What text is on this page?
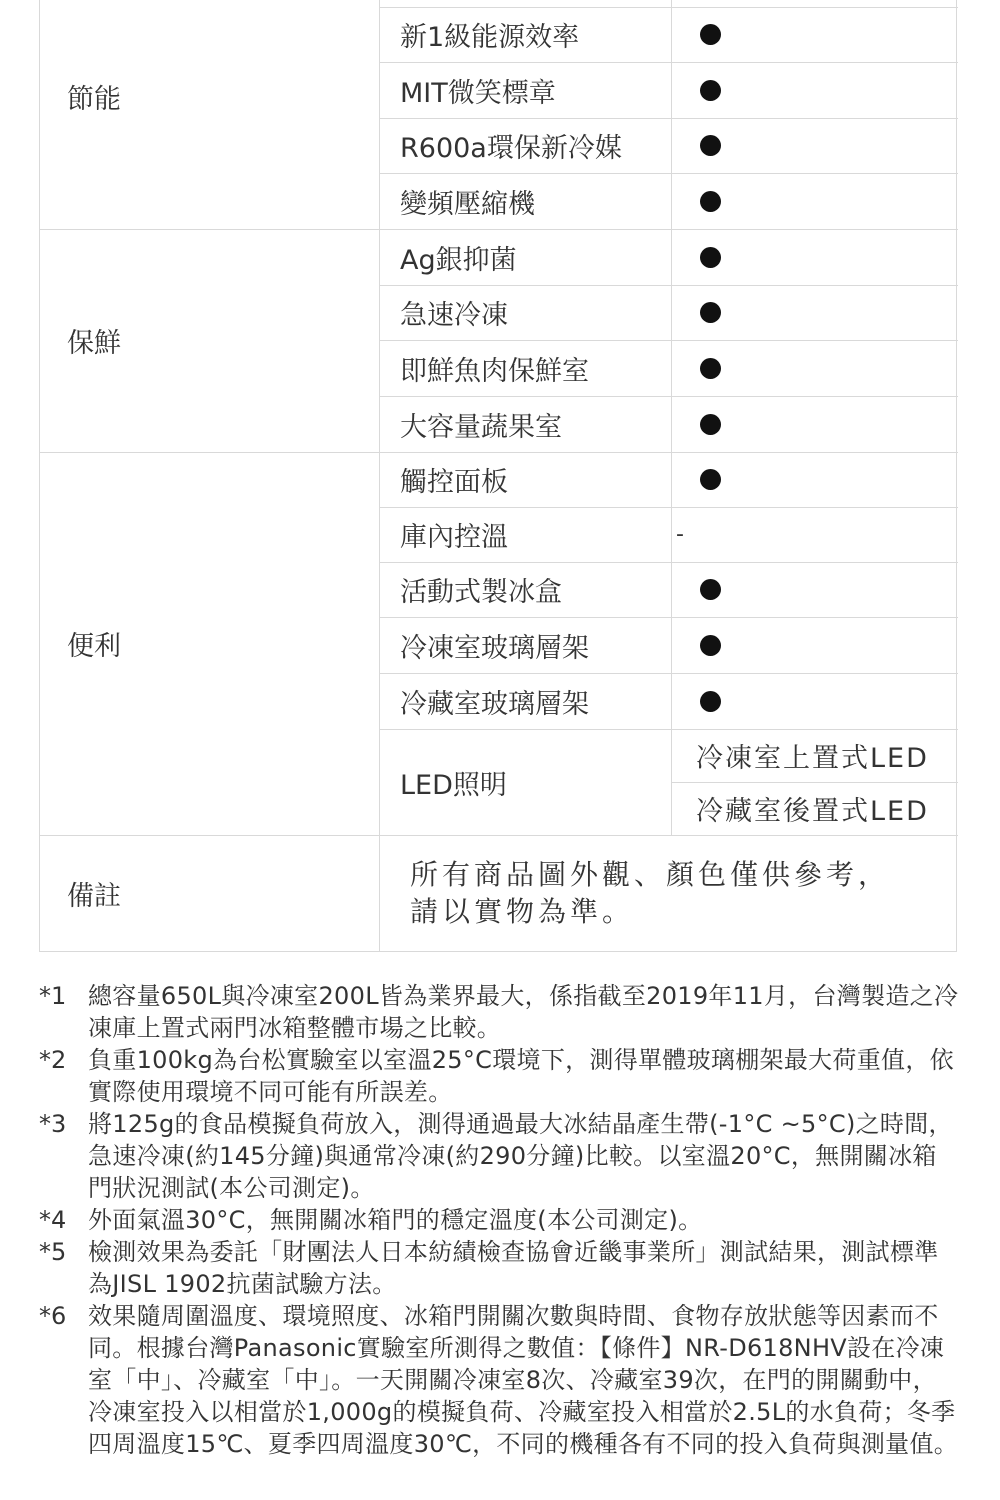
節能
新1級能源效率
MIT微笑標章
R600a環保新冷媒
變頻壓縮機
保鮮
Ag銀抑菌
急速冷凍
即鮮魚肉保鮮室
大容量蔬果室
便利
觸控面板
庫內控溫	-
活動式製冰盒
冷凍室玻璃層架
冷藏室玻璃層架
LED照明
冷凍室上置式LED
冷藏室後置式LED
備註
所有商品圖外觀、顏色僅供參考，
請以實物為準。
*1 總容量650L與冷凍室200L皆為業界最大，係指截至2019年11月，台灣製造之冷凍庫上置式兩門冰箱整體市場之比較。
*2 負重100kg為台松實驗室以室溫25°C環境下，測得單體玻璃棚架最大荷重值，依實際使用環境不同可能有所誤差。
*3 將125g的食品模擬負荷放入，測得通過最大冰結晶產生帶(-1°C ~5°C)之時間，急速冷凍(約145分鐘)與通常冷凍(約290分鐘)比較。以室溫20°C，無開關冰箱門狀況測試(本公司測定)。
*4 外面氣溫30°C，無開關冰箱門的穩定溫度(本公司測定)。
*5 檢測效果為委託「財團法人日本紡績檢查協會近畿事業所」測試結果，測試標準為JISL 1902抗菌試驗方法。
*6 效果隨周圍溫度、環境照度、冰箱門開關次數與時間、食物存放狀態等因素而不同。根據台灣Panasonic實驗室所測得之數值：【條件】NR-D618NHV設在冷凍室「中」、冷藏室「中」。一天開關冷凍室8次、冷藏室39次，在門的開關動中，冷凍室投入以相當於1,000g的模擬負荷、冷藏室投入相當於2.5L的水負荷；冬季四周溫度15℃、夏季四周溫度30℃，不同的機種各有不同的投入負荷與測量值。
